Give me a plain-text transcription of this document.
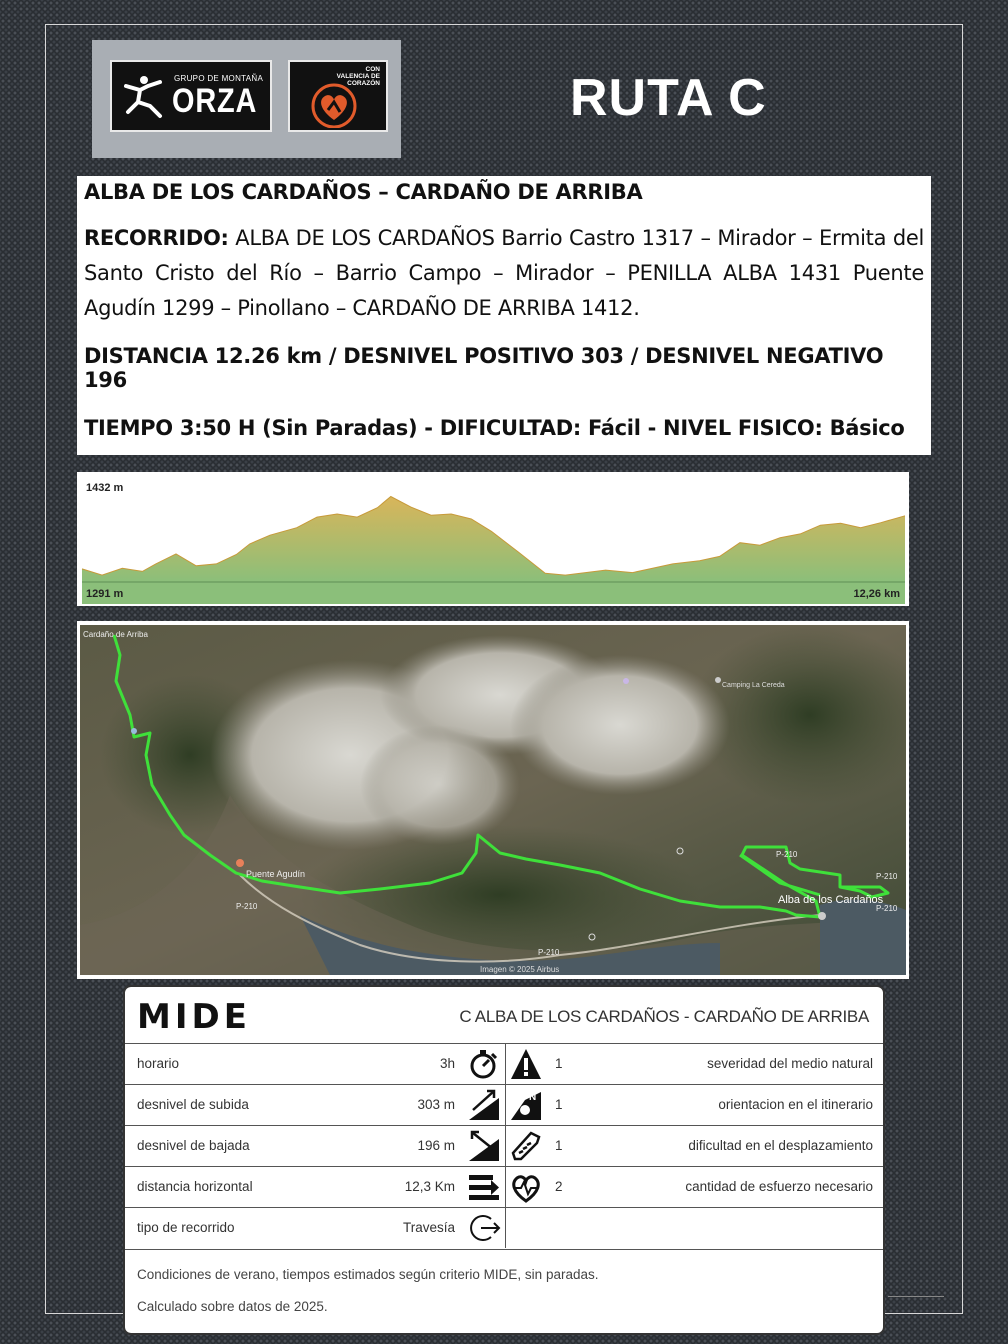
GRUPO DE MONTAÑA
ORZA
CON
VALENCIA DE
CORAZÓN	RUTA C
ALBA DE LOS CARDAÑOS – CARDAÑO DE ARRIBA
RECORRIDO: ALBA DE LOS CARDAÑOS Barrio Castro 1317 – Mirador – Ermita del Santo Cristo del Río – Barrio Campo – Mirador – PENILLA ALBA 1431 Puente Agudín 1299 – Pinollano – CARDAÑO DE ARRIBA 1412.
DISTANCIA 12.26 km / DESNIVEL POSITIVO 303 / DESNIVEL NEGATIVO 196
TIEMPO 3:50 H (Sin Paradas) - DIFICULTAD: Fácil - NIVEL FISICO: Básico
1432 m
1291 m	12,26 km
Cardaño de Arriba
Puente Agudín
Alba de los Cardaños
P-210
P-210
P-210
P-210
P-210
Camping La Cereda
Imagen © 2025 Airbus
MIDE	C ALBA DE LOS CARDAÑOS - CARDAÑO DE ARRIBA
horario	3h	1	severidad del medio natural
desnivel de subida	303 m	N 1	orientacion en el itinerario
desnivel de bajada	196 m	1	dificultad en el desplazamiento
distancia horizontal	12,3 Km	2	cantidad de esfuerzo necesario
tipo de recorrido	Travesía
Condiciones de verano, tiempos estimados según criterio MIDE, sin paradas.
Calculado sobre datos de 2025.
